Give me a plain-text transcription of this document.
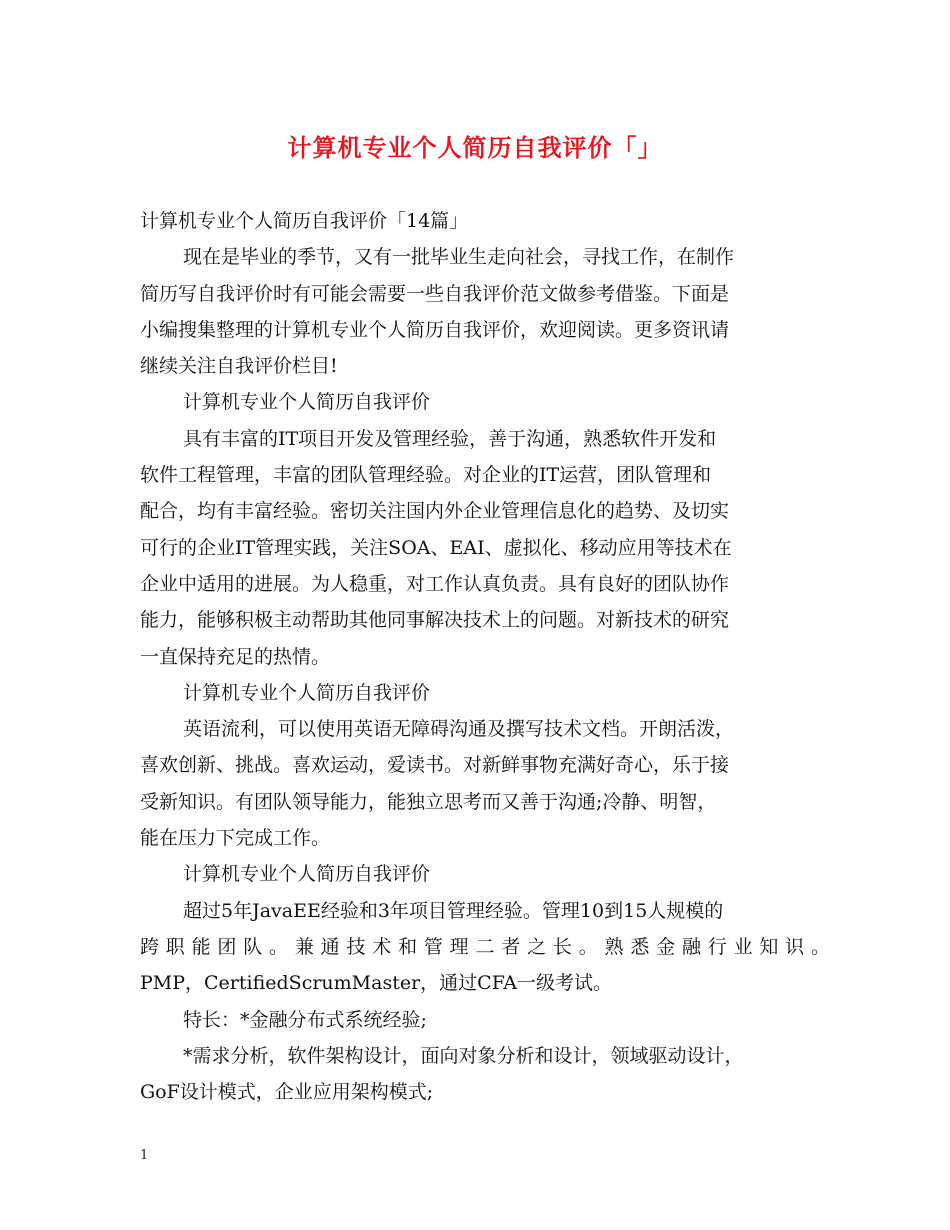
计算机专业个人简历自我评价「」
计算机专业个人简历自我评价「14篇」
现在是毕业的季节，又有一批毕业生走向社会，寻找工作，在制作
简历写自我评价时有可能会需要一些自我评价范文做参考借鉴。下面是
小编搜集整理的计算机专业个人简历自我评价，欢迎阅读。更多资讯请
继续关注自我评价栏目!
计算机专业个人简历自我评价
具有丰富的IT项目开发及管理经验，善于沟通，熟悉软件开发和
软件工程管理，丰富的团队管理经验。对企业的IT运营，团队管理和
配合，均有丰富经验。密切关注国内外企业管理信息化的趋势、及切实
可行的企业IT管理实践，关注SOA、EAI、虚拟化、移动应用等技术在
企业中适用的进展。为人稳重，对工作认真负责。具有良好的团队协作
能力，能够积极主动帮助其他同事解决技术上的问题。对新技术的研究
一直保持充足的热情。
计算机专业个人简历自我评价
英语流利，可以使用英语无障碍沟通及撰写技术文档。开朗活泼，
喜欢创新、挑战。喜欢运动，爱读书。对新鲜事物充满好奇心，乐于接
受新知识。有团队领导能力，能独立思考而又善于沟通;冷静、明智，
能在压力下完成工作。
计算机专业个人简历自我评价
超过5年JavaEE经验和3年项目管理经验。管理10到15人规模的
跨职能团队。兼通技术和管理二者之长。熟悉金融行业知识。
PMP，CertifiedScrumMaster，通过CFA一级考试。
特长：*金融分布式系统经验;
*需求分析，软件架构设计，面向对象分析和设计，领域驱动设计，
GoF设计模式，企业应用架构模式;
1
